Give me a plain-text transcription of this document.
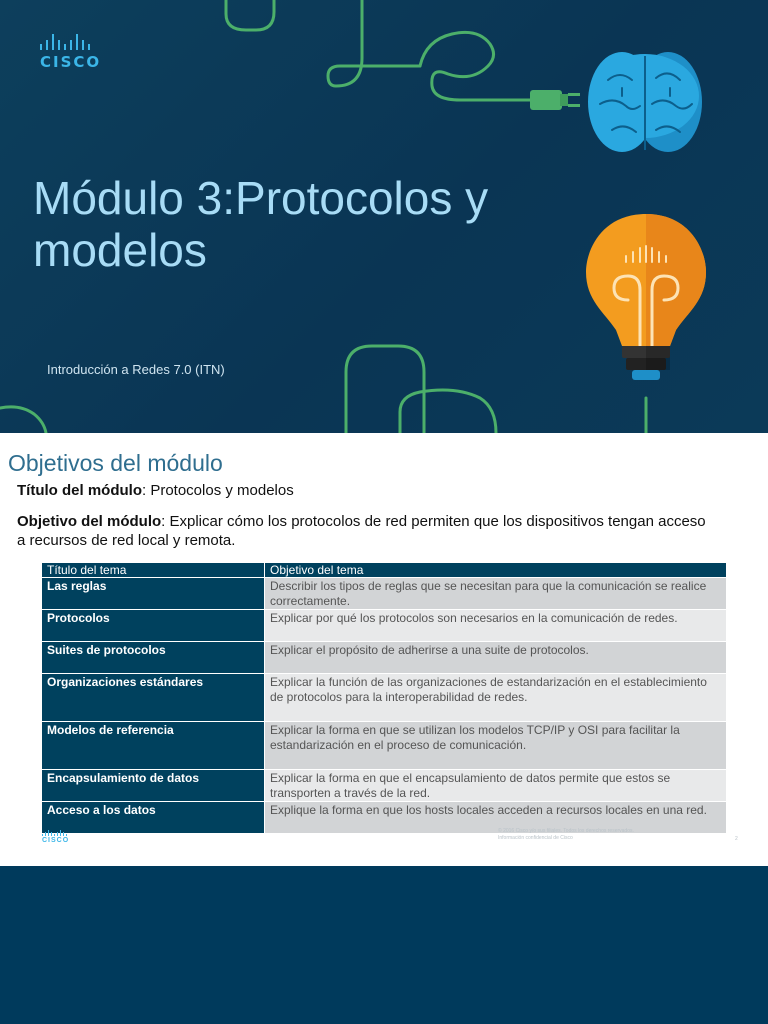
CISCO
Módulo 3:Protocolos y modelos
Introducción a Redes 7.0 (ITN)
Objetivos del módulo

Título del módulo: Protocolos y modelos

Objetivo del módulo: Explicar cómo los protocolos de red permiten que los dispositivos tengan acceso a recursos de red local y remota.

Título del tema	Objetivo del tema
Las reglas	Describir los tipos de reglas que se necesitan para que la comunicación se realice correctamente.
Protocolos	Explicar por qué los protocolos son necesarios en la comunicación de redes.
Suites de protocolos	Explicar el propósito de adherirse a una suite de protocolos.
Organizaciones estándares	Explicar la función de las organizaciones de estandarización en el establecimiento de protocolos para la interoperabilidad de redes.
Modelos de referencia	Explicar la forma en que se utilizan los modelos TCP/IP y OSI para facilitar la estandarización en el proceso de comunicación.
Encapsulamiento de datos	Explicar la forma en que el encapsulamiento de datos permite que estos se transporten a través de la red.
Acceso a los datos	Explique la forma en que los hosts locales acceden a recursos locales en una red.
CISCO
© 2016 Cisco y/o sus filiales. Todos los derechos reservados.
Información confidencial de Cisco	2
